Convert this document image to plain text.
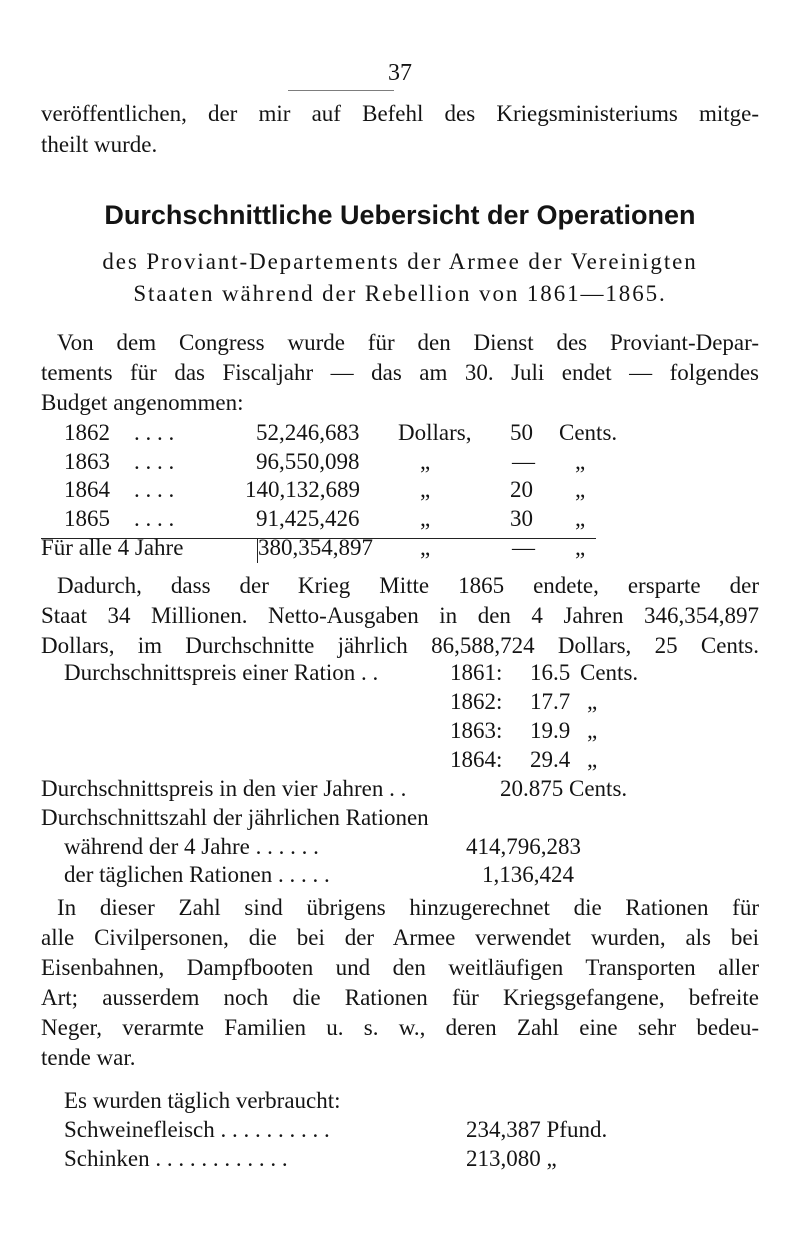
37
veröffentlichen, der mir auf Befehl des Kriegsministeriums mitge-
theilt wurde.
Durchschnittliche Uebersicht der Operationen
des Proviant-Departements der Armee der Vereinigten
Staaten während der Rebellion von 1861—1865.
Von dem Congress wurde für den Dienst des Proviant-Depar-
tements für das Fiscaljahr — das am 30. Juli endet — folgendes
Budget angenommen:
1862 . . . .	52,246,683 Dollars, 50 Cents.
1863 . . . .	96,550,098	„	— „
1864 . . . .	140,132,689	„	20 „
1865 . . . .	91,425,426	„	30 „
Für alle 4 Jahre	380,354,897 „	— „
Dadurch, dass der Krieg Mitte 1865 endete, ersparte der
Staat 34 Millionen. Netto-Ausgaben in den 4 Jahren 346,354,897
Dollars, im Durchschnitte jährlich 86,588,724 Dollars, 25 Cents.
Durchschnittspreis einer Ration . .	1861: 16.5 Cents.
1862: 17.7 „
1863: 19.9 „
1864: 29.4 „
Durchschnittspreis in den vier Jahren . .	20.875 Cents.
Durchschnittszahl der jährlichen Rationen
während der 4 Jahre . . . . . .	414,796,283
der täglichen Rationen . . . . .	1,136,424
In dieser Zahl sind übrigens hinzugerechnet die Rationen für
alle Civilpersonen, die bei der Armee verwendet wurden, als bei
Eisenbahnen, Dampfbooten und den weitläufigen Transporten aller
Art; ausserdem noch die Rationen für Kriegsgefangene, befreite
Neger, verarmte Familien u. s. w., deren Zahl eine sehr bedeu-
tende war.
Es wurden täglich verbraucht:
Schweinefleisch . . . . . . . . . .	234,387 Pfund.
Schinken . . . . . . . . . . . .	213,080 „
